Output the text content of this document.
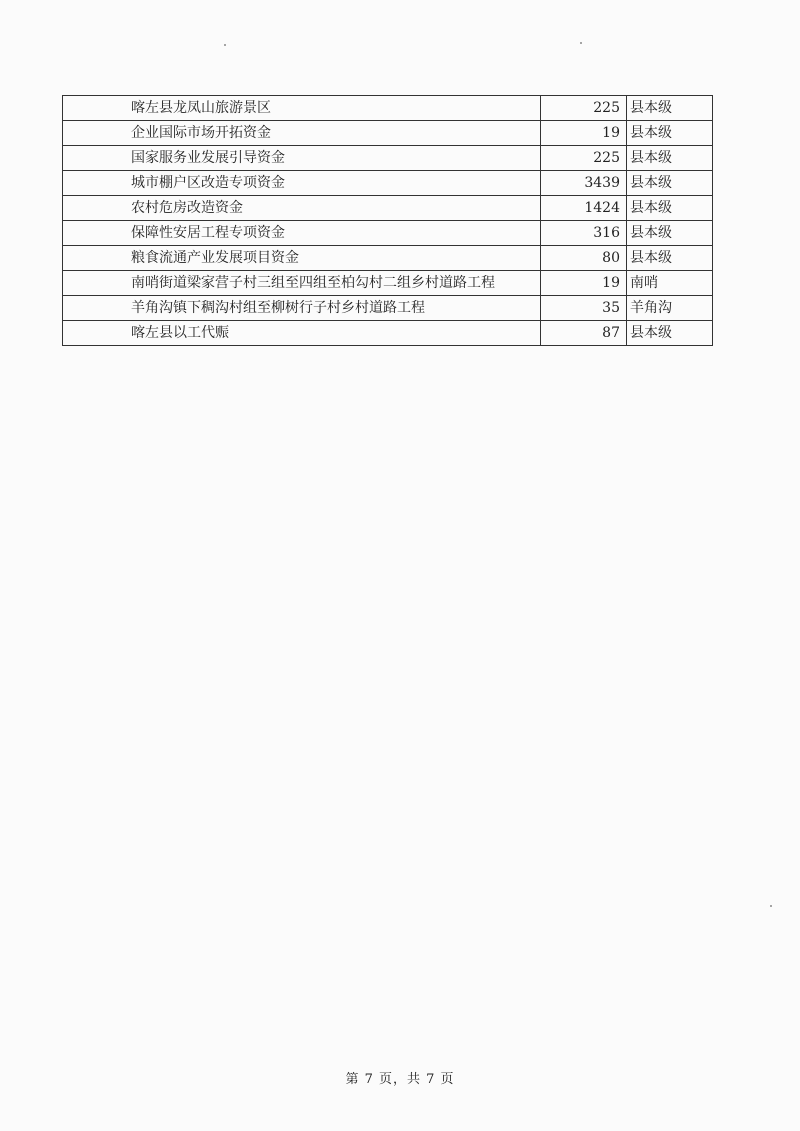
喀左县龙凤山旅游景区	225	县本级
企业国际市场开拓资金	19	县本级
国家服务业发展引导资金	225	县本级
城市棚户区改造专项资金	3439	县本级
农村危房改造资金	1424	县本级
保障性安居工程专项资金	316	县本级
粮食流通产业发展项目资金	80	县本级
南哨街道梁家营子村三组至四组至柏勾村二组乡村道路工程	19	南哨
羊角沟镇下稠沟村组至柳树行子村乡村道路工程	35	羊角沟
喀左县以工代赈	87	县本级
第 7 页，共 7 页
